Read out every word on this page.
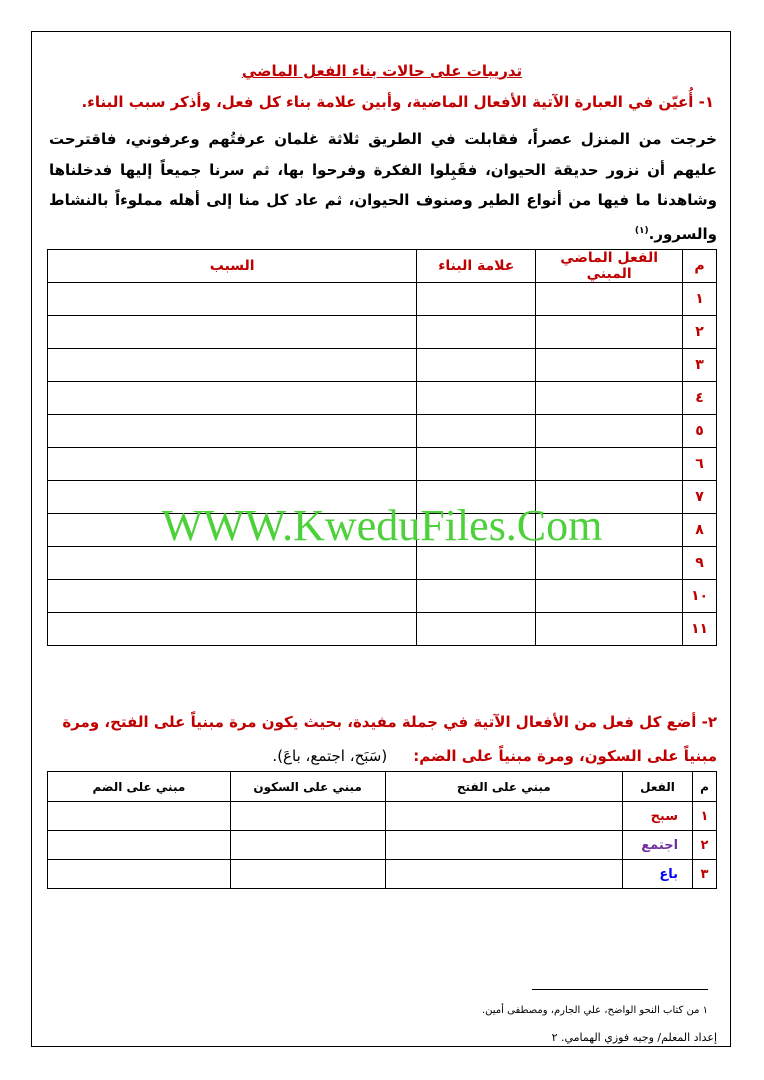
تدريبات على حالات بناء الفعل الماضي
١- أُعيّن في العبارة الآتية الأفعال الماضية، وأبين علامة بناء كل فعل، وأذكر سبب البناء.
خرجت من المنزل عصراً، فقابلت في الطريق ثلاثة غلمان عرفتُهم وعرفوني، فاقترحت عليهم أن نزور حديقة الحيوان، فقَبِلوا الفكرة وفرحوا بها، ثم سرنا جميعاً إليها فدخلناها وشاهدنا ما فيها من أنواع الطير وصنوف الحيوان، ثم عاد كل منا إلى أهله مملوءاً بالنشاط والسرور.$^{(١)}$
م	الفعل الماضي المبني	علامة البناء	السبب
١			
٢			
٣			
٤			
٥			
٦			
٧			
٨			
٩			
١٠			
١١			
WWW.KweduFiles.Com
٢- أضع كل فعل من الأفعال الآتية في جملة مفيدة، بحيث يكون مرة مبنياً على الفتح، ومرة مبنياً على السكون، ومرة مبنياً على الضم:(سَبَح، اجتمع، باعَ).
م	الفعل	مبني على الفتح	مبني على السكون	مبني على الضم
١	سبح			
٢	اجتمع			
٣	باع			
١ من كتاب النحو الواضح، علي الجارم، ومصطفى أمين.
إعداد المعلم/ وجيه فوزي الهمامي. ٢
